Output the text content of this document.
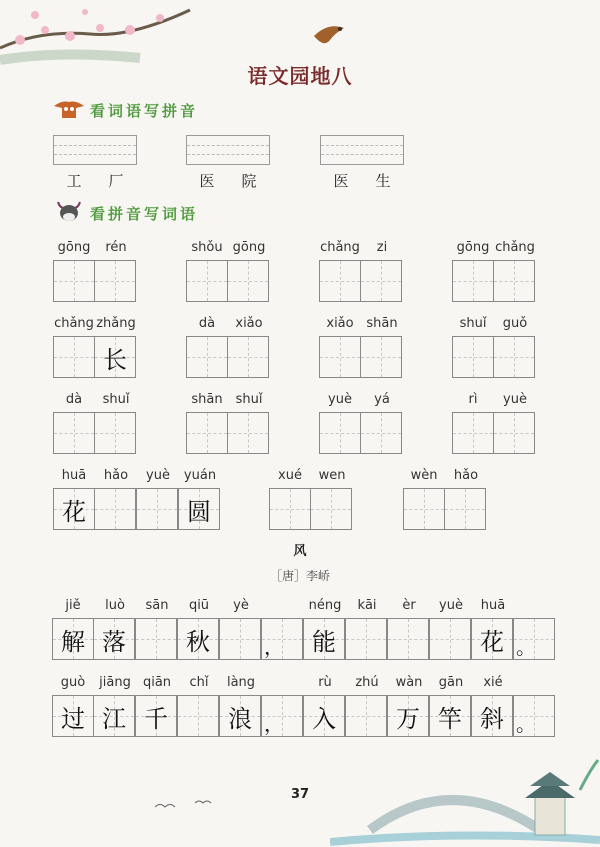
语文园地八
看词语写拼音
工 厂	医 院	医 生
看拼音写词语
gōng	rén	shǒu gōng	chǎng	zi	gōng chǎng
chǎng zhǎng
长
dà	xiǎo	xiǎo shān	shuǐ	guǒ
dà	shuǐ	shān shuǐ	yuè	yá	rì	yuè
huā
花
hǎo	yuè	yuán
圆
xué	wen	wèn	hǎo
风
［唐］李峤
jiě
解
luò
落
sān	qiū
秋
yè
，
néng
能
kāi	èr	yuè	huā
花 。
guò
过
jiāng
江
qiān
千
chǐ	làng
浪 ，
rù
入
zhú	wàn
万
gān
竿
xié
斜 。
37
